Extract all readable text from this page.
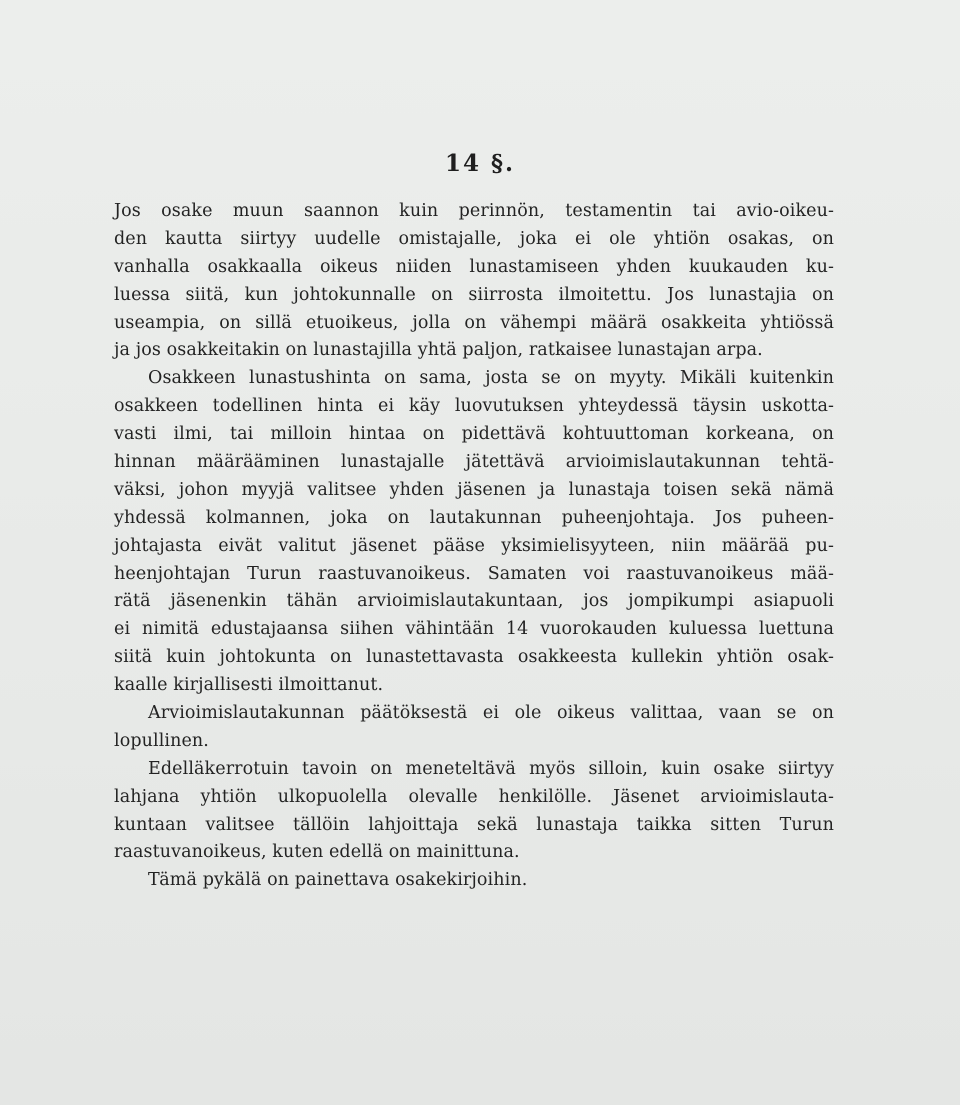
14 §.
Jos osake muun saannon kuin perinnön, testamentin tai avio-oikeu-
den kautta siirtyy uudelle omistajalle, joka ei ole yhtiön osakas, on
vanhalla osakkaalla oikeus niiden lunastamiseen yhden kuukauden ku-
luessa siitä, kun johtokunnalle on siirrosta ilmoitettu. Jos lunastajia on
useampia, on sillä etuoikeus, jolla on vähempi määrä osakkeita yhtiössä
ja jos osakkeitakin on lunastajilla yhtä paljon, ratkaisee lunastajan arpa.
Osakkeen lunastushinta on sama, josta se on myyty. Mikäli kuitenkin
osakkeen todellinen hinta ei käy luovutuksen yhteydessä täysin uskotta-
vasti ilmi, tai milloin hintaa on pidettävä kohtuuttoman korkeana, on
hinnan määrääminen lunastajalle jätettävä arvioimislautakunnan tehtä-
väksi, johon myyjä valitsee yhden jäsenen ja lunastaja toisen sekä nämä
yhdessä kolmannen, joka on lautakunnan puheenjohtaja. Jos puheen-
johtajasta eivät valitut jäsenet pääse yksimielisyyteen, niin määrää pu-
heenjohtajan Turun raastuvanoikeus. Samaten voi raastuvanoikeus mää-
rätä jäsenenkin tähän arvioimislautakuntaan, jos jompikumpi asiapuoli
ei nimitä edustajaansa siihen vähintään 14 vuorokauden kuluessa luettuna
siitä kuin johtokunta on lunastettavasta osakkeesta kullekin yhtiön osak-
kaalle kirjallisesti ilmoittanut.
Arvioimislautakunnan päätöksestä ei ole oikeus valittaa, vaan se on
lopullinen.
Edelläkerrotuin tavoin on meneteltävä myös silloin, kuin osake siirtyy
lahjana yhtiön ulkopuolella olevalle henkilölle. Jäsenet arvioimislauta-
kuntaan valitsee tällöin lahjoittaja sekä lunastaja taikka sitten Turun
raastuvanoikeus, kuten edellä on mainittuna.
Tämä pykälä on painettava osakekirjoihin.
